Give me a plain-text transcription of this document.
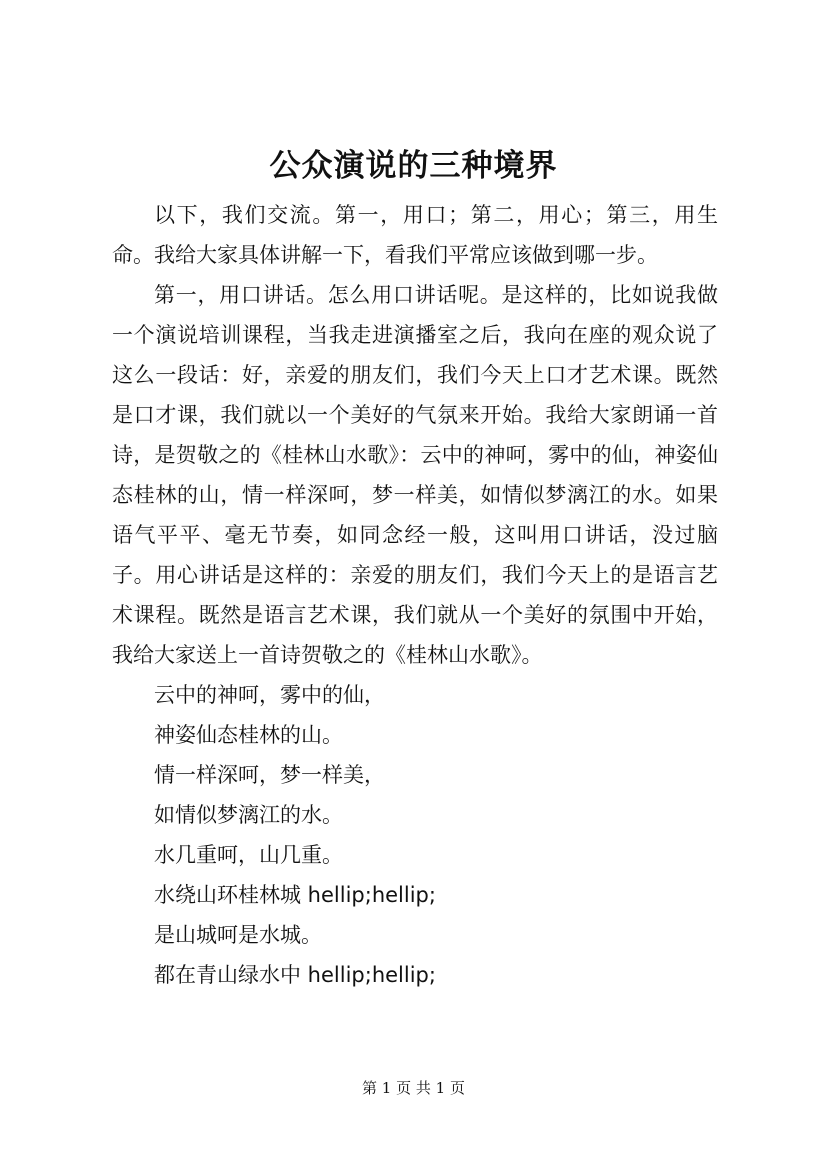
公众演说的三种境界

以下，我们交流。第一，用口；第二，用心；第三，用生命。我给大家具体讲解一下，看我们平常应该做到哪一步。

第一，用口讲话。怎么用口讲话呢。是这样的，比如说我做一个演说培训课程，当我走进演播室之后，我向在座的观众说了这么一段话：好，亲爱的朋友们，我们今天上口才艺术课。既然是口才课，我们就以一个美好的气氛来开始。我给大家朗诵一首诗，是贺敬之的《桂林山水歌》：云中的神呵，雾中的仙，神姿仙态桂林的山，情一样深呵，梦一样美，如情似梦漓江的水。如果语气平平、毫无节奏，如同念经一般，这叫用口讲话，没过脑子。用心讲话是这样的：亲爱的朋友们，我们今天上的是语言艺术课程。既然是语言艺术课，我们就从一个美好的氛围中开始，我给大家送上一首诗贺敬之的《桂林山水歌》。

云中的神呵，雾中的仙，

神姿仙态桂林的山。

情一样深呵，梦一样美，

如情似梦漓江的水。

水几重呵，山几重。

水绕山环桂林城 hellip;hellip;

是山城呵是水城。

都在青山绿水中 hellip;hellip;

第 1 页 共 1 页
